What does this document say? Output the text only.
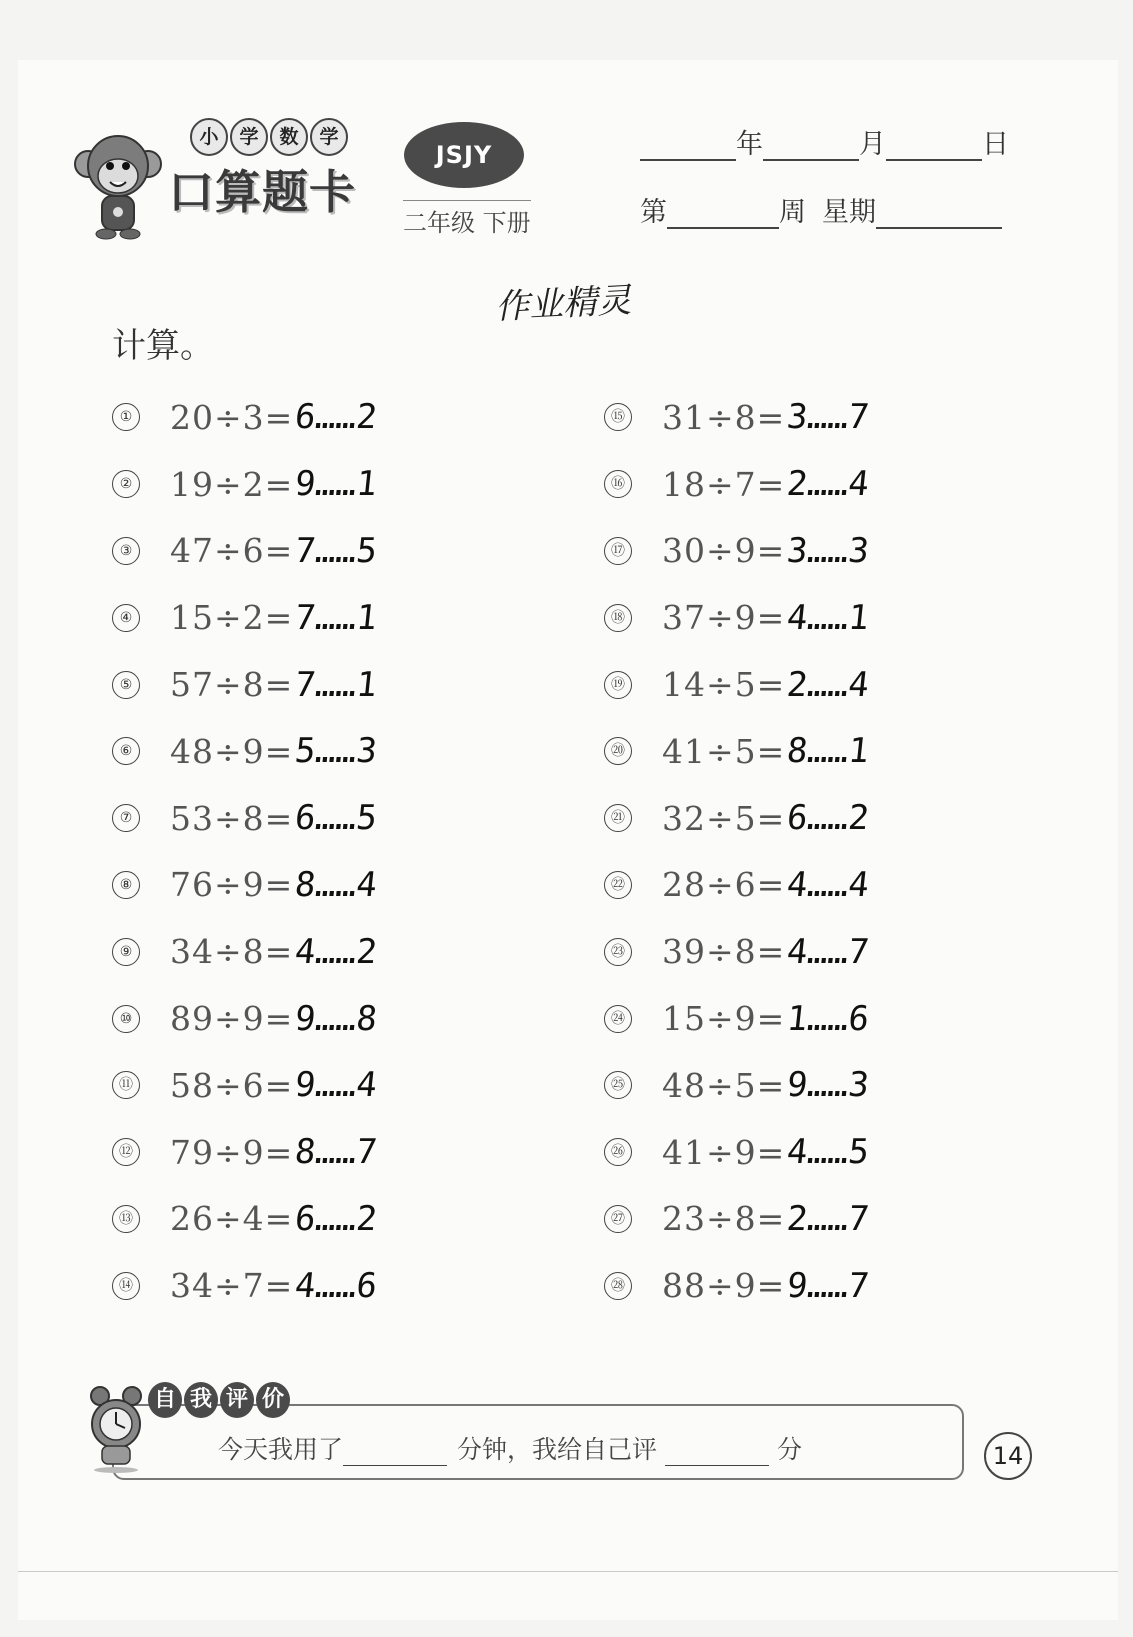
小	学	数	学
口算题卡
JSJY
二年级 下册
年	月	日
第	周 星期
作业精灵
计算。
① 20÷3= 6……2
② 19÷2= 9……1
③ 47÷6= 7……5
④ 15÷2= 7……1
⑤ 57÷8= 7……1
⑥ 48÷9= 5……3
⑦ 53÷8= 6……5
⑧ 76÷9= 8……4
⑨ 34÷8= 4……2
⑩ 89÷9= 9……8
⑪ 58÷6= 9……4
⑫ 79÷9= 8……7
⑬ 26÷4= 6……2
⑭ 34÷7= 4……6
⑮ 31÷8= 3……7
⑯ 18÷7= 2……4
⑰ 30÷9= 3……3
⑱ 37÷9= 4……1
⑲ 14÷5= 2……4
⑳ 41÷5= 8……1
㉑ 32÷5= 6……2
㉒ 28÷6= 4……4
㉓ 39÷8= 4……7
㉔ 15÷9= 1……6
㉕ 48÷5= 9……3
㉖ 41÷9= 4……5
㉗ 23÷8= 2……7
㉘ 88÷9= 9……7
自 我 评 价
今天我用了	分钟，我给自己评	分	14
